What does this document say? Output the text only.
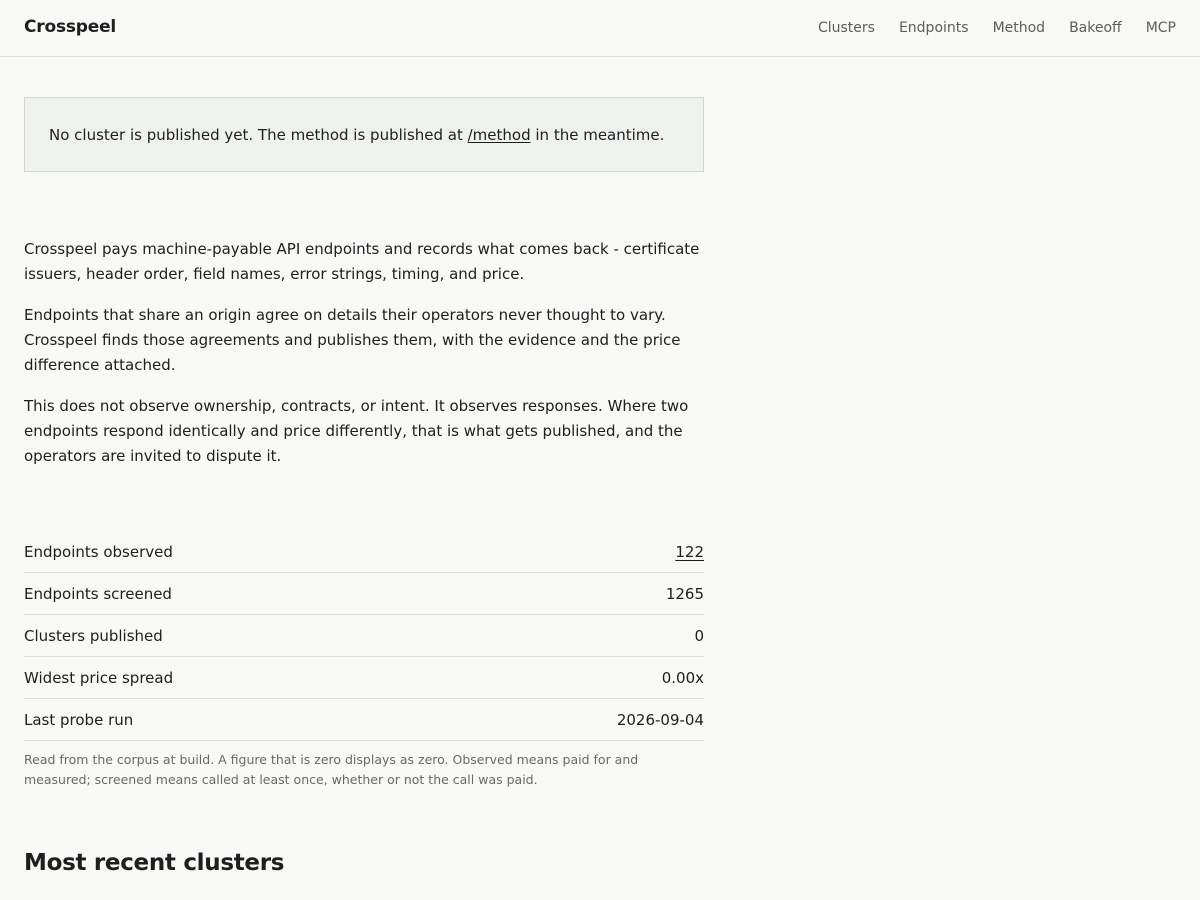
Crosspeel	Clusters Endpoints Method Bakeoff MCP
No cluster is published yet. The method is published at /method in the meantime.

Crosspeel pays machine-payable API endpoints and records what comes back - certificate issuers, header order, field names, error strings, timing, and price.

Endpoints that share an origin agree on details their operators never thought to vary. Crosspeel finds those agreements and publishes them, with the evidence and the price difference attached.

This does not observe ownership, contracts, or intent. It observes responses. Where two endpoints respond identically and price differently, that is what gets published, and the operators are invited to dispute it.

Endpoints observed	122
Endpoints screened	1265
Clusters published	0
Widest price spread	0.00x
Last probe run	2026-09-04
Read from the corpus at build. A figure that is zero displays as zero. Observed means paid for and measured; screened means called at least once, whether or not the call was paid.
Most recent clusters
